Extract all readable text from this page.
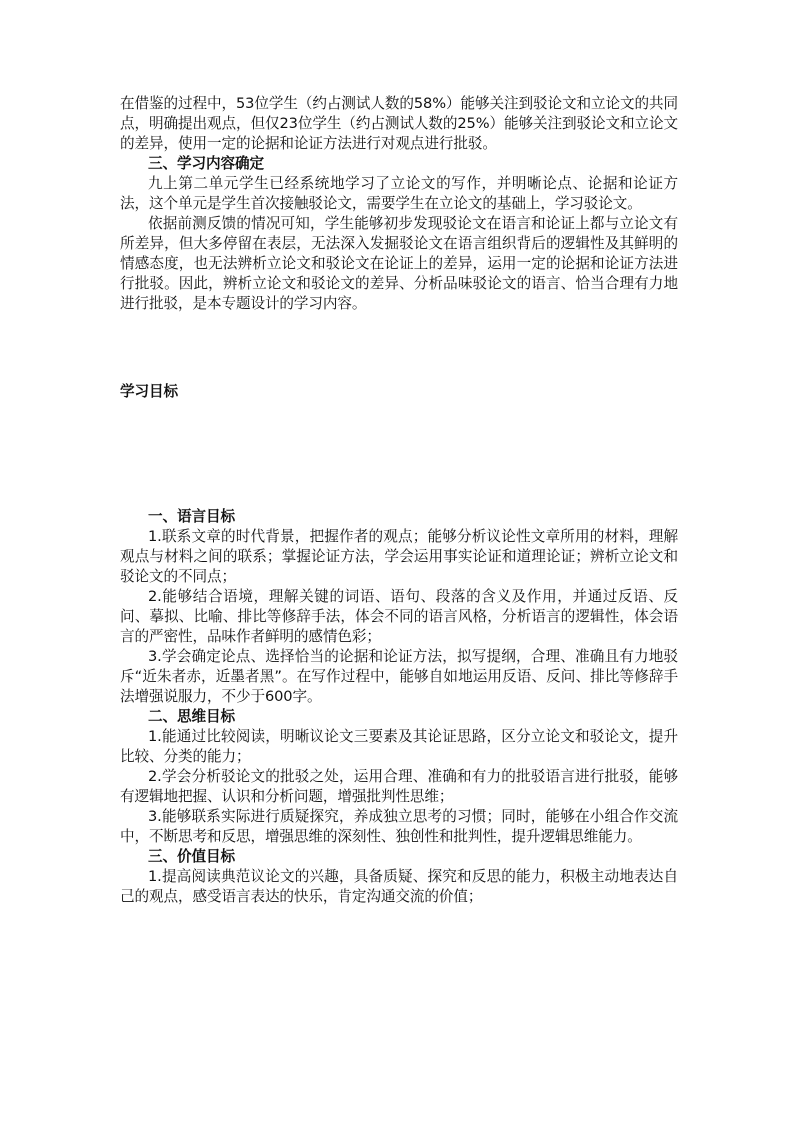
在借鉴的过程中，53位学生（约占测试人数的58%）能够关注到驳论文和立论文的共同点，明确提出观点，但仅23位学生（约占测试人数的25%）能够关注到驳论文和立论文的差异，使用一定的论据和论证方法进行对观点进行批驳。

三、学习内容确定

九上第二单元学生已经系统地学习了立论文的写作，并明晰论点、论据和论证方法，这个单元是学生首次接触驳论文，需要学生在立论文的基础上，学习驳论文。

依据前测反馈的情况可知，学生能够初步发现驳论文在语言和论证上都与立论文有所差异，但大多停留在表层，无法深入发掘驳论文在语言组织背后的逻辑性及其鲜明的情感态度，也无法辨析立论文和驳论文在论证上的差异，运用一定的论据和论证方法进行批驳。因此，辨析立论文和驳论文的差异、分析品味驳论文的语言、恰当合理有力地进行批驳，是本专题设计的学习内容。

学习目标

一、语言目标

1.联系文章的时代背景，把握作者的观点；能够分析议论性文章所用的材料，理解观点与材料之间的联系；掌握论证方法，学会运用事实论证和道理论证；辨析立论文和驳论文的不同点；

2.能够结合语境，理解关键的词语、语句、段落的含义及作用，并通过反语、反问、摹拟、比喻、排比等修辞手法，体会不同的语言风格，分析语言的逻辑性，体会语言的严密性，品味作者鲜明的感情色彩；

3.学会确定论点、选择恰当的论据和论证方法，拟写提纲，合理、准确且有力地驳斥“近朱者赤，近墨者黑”。在写作过程中，能够自如地运用反语、反问、排比等修辞手法增强说服力，不少于600字。

二、思维目标

1.能通过比较阅读，明晰议论文三要素及其论证思路，区分立论文和驳论文，提升比较、分类的能力；

2.学会分析驳论文的批驳之处，运用合理、准确和有力的批驳语言进行批驳，能够有逻辑地把握、认识和分析问题，增强批判性思维；

3.能够联系实际进行质疑探究，养成独立思考的习惯；同时，能够在小组合作交流中，不断思考和反思，增强思维的深刻性、独创性和批判性，提升逻辑思维能力。

三、价值目标

1.提高阅读典范议论文的兴趣，具备质疑、探究和反思的能力，积极主动地表达自己的观点，感受语言表达的快乐，肯定沟通交流的价值；
